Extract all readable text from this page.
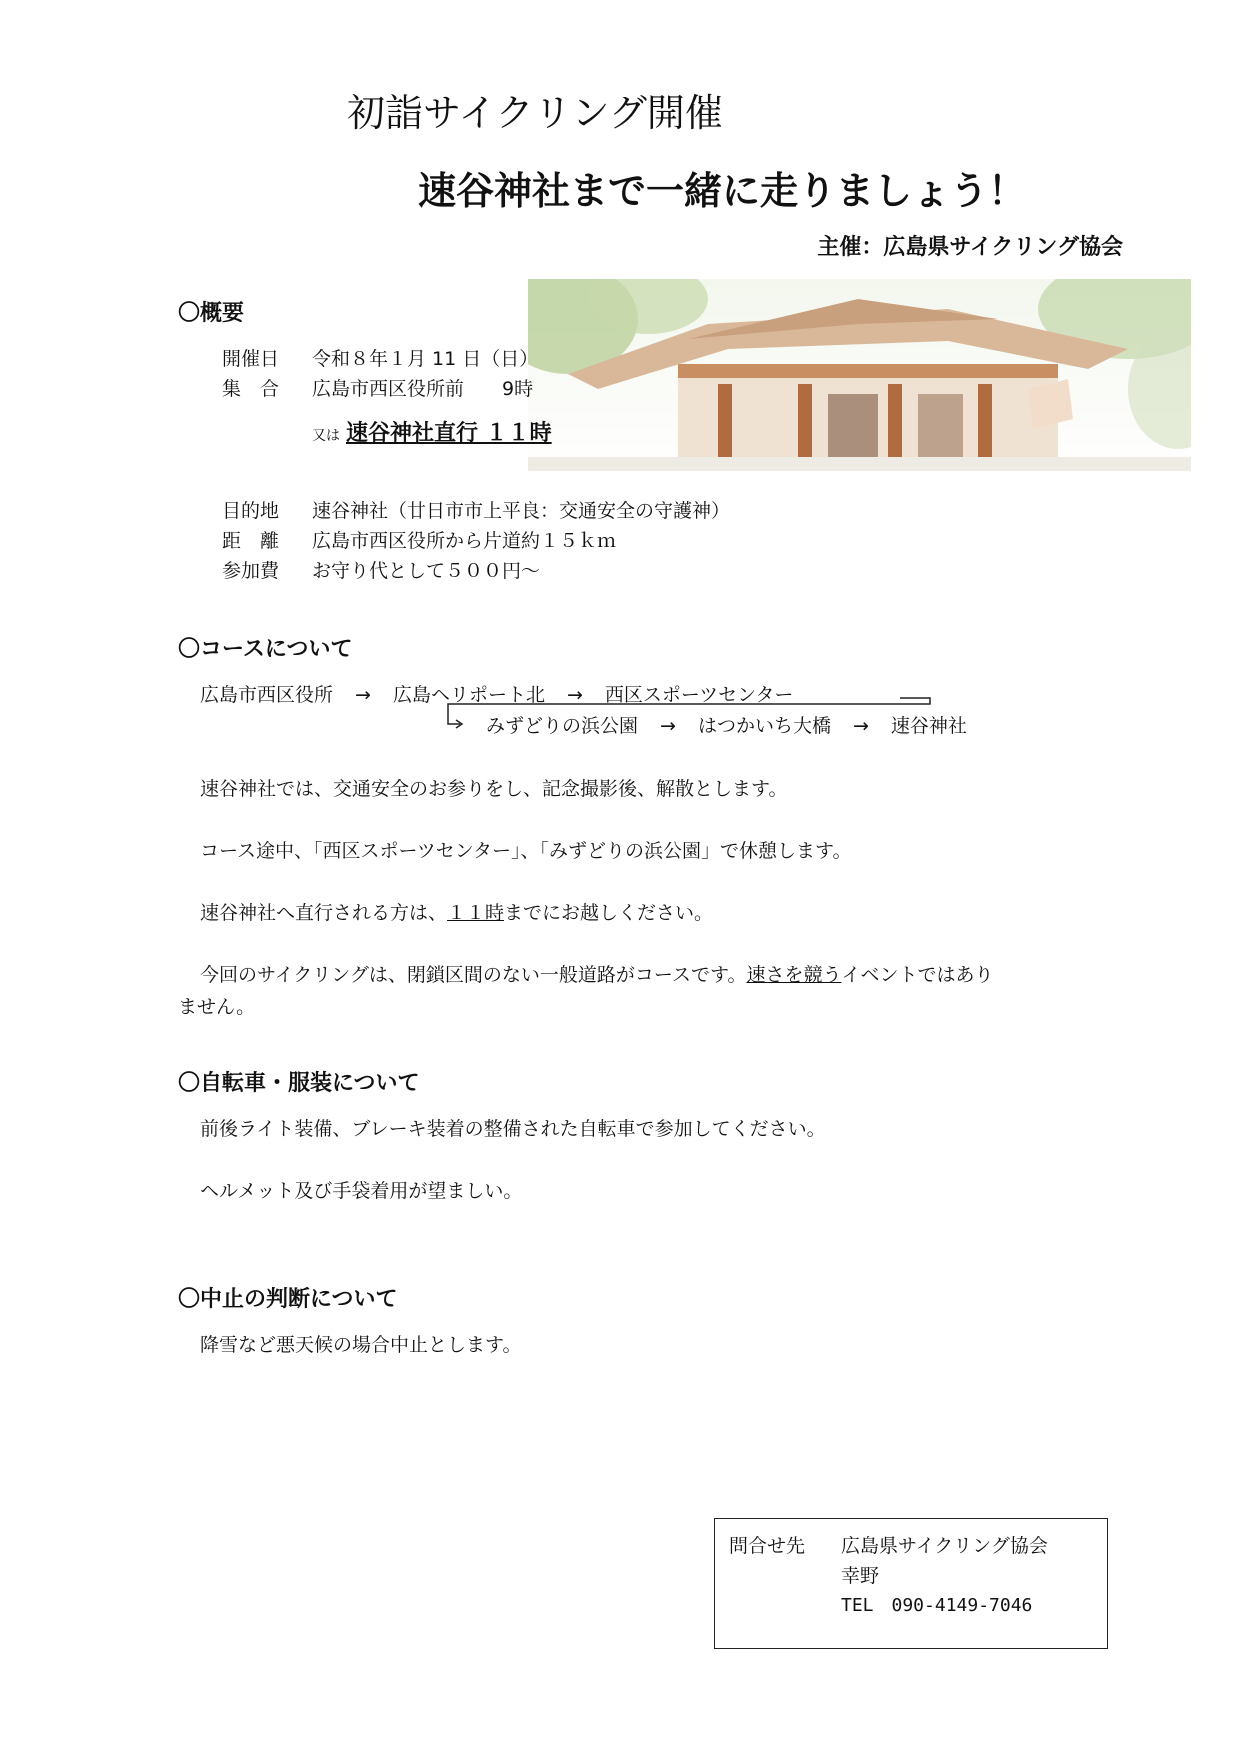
初詣サイクリング開催
速谷神社まで一緒に走りましょう！
主催：広島県サイクリング協会
〇概要
開催日 令和８年１月 11 日（日）
集　合 広島市西区役所前　　9時
又は 速谷神社直行 １１時
目的地 速谷神社（廿日市市上平良：交通安全の守護神）
距　離 広島市西区役所から片道約１５ｋｍ
参加費 お守り代として５００円～
〇コースについて
広島市西区役所 → 広島ヘリポート北 → 西区スポーツセンター
みずどりの浜公園 → はつかいち大橋 → 速谷神社
速谷神社では、交通安全のお参りをし、記念撮影後、解散とします。
コース途中、「西区スポーツセンター」、「みずどりの浜公園」で休憩します。
速谷神社へ直行される方は、１１時までにお越しください。
今回のサイクリングは、閉鎖区間のない一般道路がコースです。速さを競うイベントではあり
ません。
〇自転車・服装について
前後ライト装備、ブレーキ装着の整備された自転車で参加してください。
ヘルメット及び手袋着用が望ましい。
〇中止の判断について
降雪など悪天候の場合中止とします。
問合せ先 広島県サイクリング協会
幸野
TEL　090-4149-7046
